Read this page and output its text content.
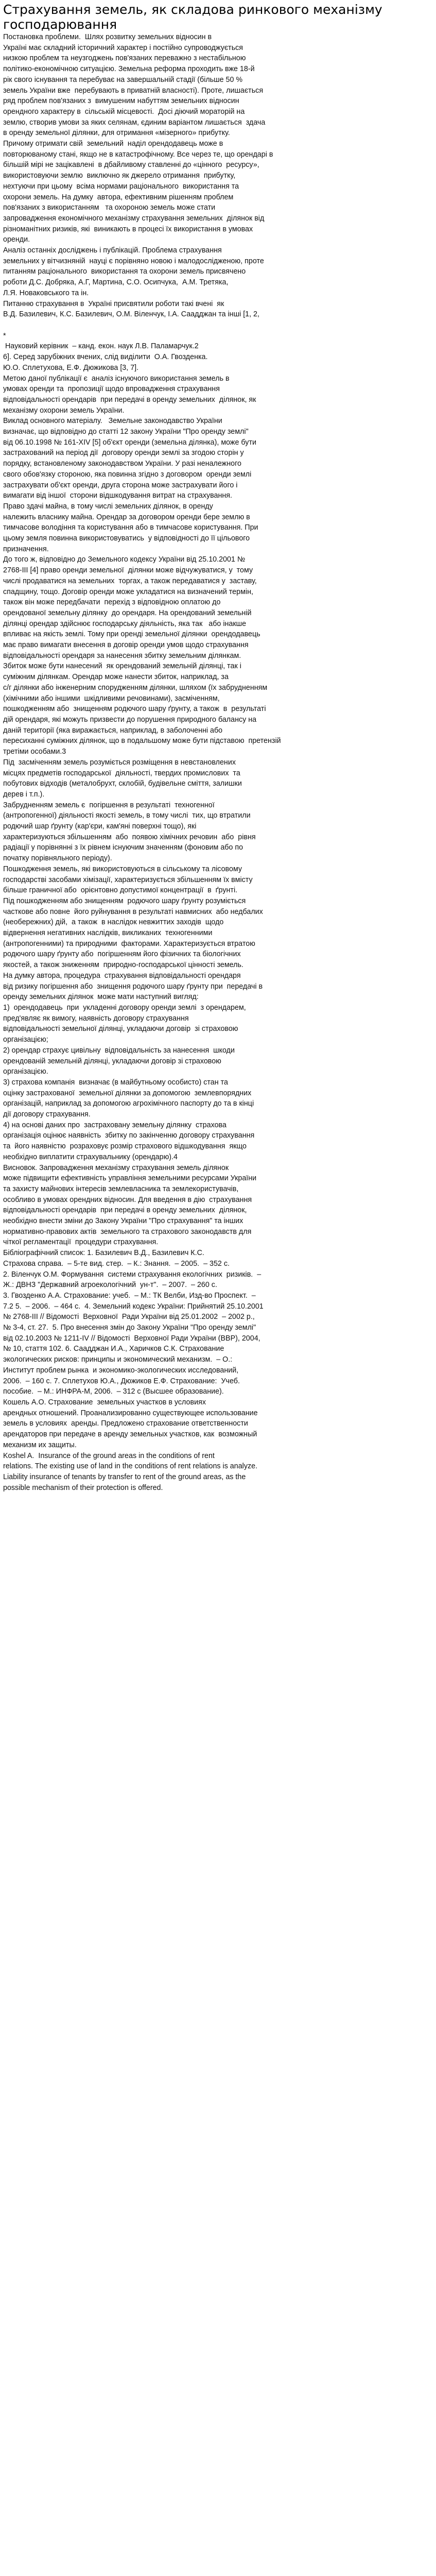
Страхування земель, як складова ринкового механізму господарювання

Постановка проблеми.  Шлях розвитку земельних відносин в

Україні має складний історичний характер і постійно супроводжується

низкою проблем та неузгоджень пов'язаних переважно з нестабільною

політико-економічною ситуацією. Земельна реформа проходить вже 18-й

рік свого існування та перебуває на завершальній стадії (більше 50 %

земель України вже  перебувають в приватній власності). Проте, лишається

ряд проблем пов'язаних з  вимушеним набуттям земельних відносин

орендного характеру в  сільській місцевості.  Досі діючий мораторій на

землю, створив умови за яких селянам, єдиним варіантом лишається  здача

в оренду земельної ділянки, для отримання «мізерного» прибутку.

Причому отримати свій  земельний  наділ орендодавець може в

повторюваному стані, якщо не в катастрофічному. Все через те, що орендарі в

більшій мірі не зацікавлені  в дбайливому ставленні до «цінного  ресурсу»,

використовуючи землю  виключно як джерело отримання  прибутку,

нехтуючи при цьому  всіма нормами раціонального  використання та

охорони земель. На думку  автора, ефективним рішенням проблем

пов'язаних з використанням   та охороною земель може стати

запровадження економічного механізму страхування земельних  ділянок від

різноманітних ризиків, які  виникають в процесі їх використання в умовах

оренди.

Аналіз останніх досліджень і публікацій. Проблема страхування

земельних у вітчизняній  науці є порівняно новою і малодослідженою, проте

питанням раціонального  використання та охорони земель присвячено

роботи Д.С. Добряка, А.Г, Мартина, С.О. Осипчука,  А.М. Третяка,

Л.Я. Новаковського та ін.

Питанню страхування в  Україні присвятили роботи такі вчені  як

В.Д. Базилевич, К.С. Базилевич, О.М. Віленчук, І.А. Саaдджан та інші [1, 2,

*

Науковий керівник  – канд. екон. наук Л.В. Паламарчук.2

6]. Серед зарубіжних вчених, слід виділити  О.А. Гвозденка.

Ю.О. Сплетухова, Е.Ф. Дюжикова [3, 7].

Метою даної публікації є  аналіз існуючого використання земель в

умовах оренди та  пропозиції щодо впровадження страхування

відповідальності орендарів  при передачі в оренду земельних  ділянок, як

механізму охорони земель України.

Виклад основного матеріалу.   Земельне законодавство України

визначає, що відповідно до статті 12 закону України "Про оренду землі"

від 06.10.1998 № 161-XIV [5] об'єкт оренди (земельна ділянка), може бути

застрахований на період дії  договору оренди землі за згодою сторін у

порядку, встановленому законодавством України. У разі неналежного

свого обов'язку стороною, яка повинна згідно з договором  оренди землі

застрахувати об'єкт оренди, друга сторона може застрахувати його і

вимагати від іншої  сторони відшкодування витрат на страхування.

Право здачі майна, в тому числі земельних ділянок, в оренду

належить власнику майна. Орендар за договором оренди бере землю в

тимчасове володіння та користування або в тимчасове користування. При

цьому земля повинна використовуватись  у відповідності до її цільового

призначення.

До того ж, відповідно до Земельного кодексу України від 25.10.2001 №

2768-ІІІ [4] право оренди земельної  ділянки може відчужуватися, у  тому

числі продаватися на земельних  торгах, а також передаватися у  заставу,

спадщину, тощо. Договір оренди може укладатися на визначений термін,

також він може передбачати  перехід з відповідною оплатою до

орендованої земельну ділянку  до орендаря. На орендований земельній

ділянці орендар здійснює господарську діяльність, яка так   або інакше

впливає на якість землі. Тому при оренді земельної ділянки  орендодавець

має право вимагати внесення в договір оренди умов щодо страхування

відповідальності орендаря за нанесення збитку земельним ділянкам.

Збиток може бути нанесений  як орендований земельній ділянці, так і

суміжним ділянкам. Орендар може нанести збиток, наприклад, за

с/г ділянки або інженерним спорудженням ділянки, шляхом (їх забрудненням

(хімічними або іншими  шкідливими речовинами), засміченням,

пошкодженням або  знищенням родючого шару ґрунту, а також  в  результаті

дій орендаря, які можуть призвести до порушення природного балансу на

даній території (яка виражається, наприклад, в заболоченні або

пересиханні суміжних ділянок, що в подальшому може бути підставою  претензій

третіми особами.3

Під  засміченням земель розуміється розміщення в невстановлених

місцях предметів господарської  діяльності, твердих промислових  та

побутових відходів (металобрухт, склобій, будівельне сміття, залишки

дерев і т.п.).

Забрудненням земель є  погіршення в результаті  техногенної

(антропогенної) діяльності якості земель, в тому числі  тих, що втратили

родючий шар ґрунту (кар'єри, кам'яні поверхні тощо), які

характеризуються збільшенням  або  появою хімічних речовин  або  рівня

радіації у порівнянні з їх рівнем існуючим значенням (фоновим або по

початку порівняльного періоду).

Пошкодження земель, які використовуються в сільському та лісовому

господарстві засобами хімізації, характеризується збільшенням їх вмісту

більше граничної або  орієнтовно допустимої концентрації  в  ґрунті.

Під пошкодженням або знищенням  родючого шару ґрунту розуміється

часткове або повне  його руйнування в результаті навмисних  або недбалих

(необережних) дій,  а також  в наслідок невжиттих заходів  щодо

відвернення негативних наслідків, викликаних  техногенними

(антропогенними) та природними  факторами. Характеризується втратою

родючого шару ґрунту або  погіршенням його фізичних та біологічних

якостей, а також зниженням  природно-господарської цінності земель.

На думку автора, процедура  страхування відповідальності орендаря

від ризику погіршення або  знищення родючого шару ґрунту при  передачі в

оренду земельних ділянок  може мати наступний вигляд:

1)  орендодавець  при  укладенні договору оренди землі  з орендарем,

пред'являє як вимогу, наявність договору страхування

відповідальності земельної ділянці, укладаючи договір  зі страховою

організацією;

2) орендар страхує цивільну  відповідальність за нанесення  шкоди

орендованій земельній ділянці, укладаючи договір зі страховою

організацією.

3) страхова компанія  визначає (в майбутньому особисто) стан та

оцінку застрахованої  земельної ділянки за допомогою  землевпорядних

організацій, наприклад за допомогою агрохімічного паспорту до та в кінці

дії договору страхування.

4) на основі даних про  застраховану земельну ділянку  страхова

організація оцінює наявність  збитку по закінченню договору страхування

та  його наявністю  розраховує розмір страхового відшкодування  якщо

необхідно виплатити страхувальнику (орендарю).4

Висновок. Запровадження механізму страхування земель ділянок

може підвищити ефективність управління земельними ресурсами України

та захисту майнових інтересів землевласника та землекористувачів,

особливо в умовах орендних відносин. Для введення в дію  страхування

відповідальності орендарів  при передачі в оренду земельних  ділянок,

необхідно внести зміни до Закону України "Про страхування" та інших

нормативно-правових актів  земельного та страхового законодавств для

чіткої регламентації  процедури страхування.

Бібліографічний список: 1. Базилевич В.Д., Базилевич К.С.

Страхова справа.  – 5-те вид. стер.  – К.: Знання.  – 2005.  – 352 с.

2. Віленчук О.М. Формування  системи страхування екологічних  ризиків.  –

Ж.: ДВНЗ "Державний агроекологічний  ун-т".  – 2007.  – 260 с.

3. Гвозденко А.А. Страхование: учеб.  – М.: ТК Велби, Изд-во Проспект.  –

7.2 5.  – 2006.  – 464 с.  4. Земельний кодекс України: Прийнятий 25.10.2001

№ 2768-ІІІ // Відомості  Верховної  Ради України від 25.01.2002  – 2002 р.,

№ 3-4, ст. 27.  5. Про внесення змін до Закону України "Про оренду землі"

від 02.10.2003 № 1211-IV // Відомості  Верховної Ради України (ВВР), 2004,

№ 10, стаття 102. 6. Саадджан И.А., Харичков С.К. Страхование

экологических рисков: принципы и экономический механизм.  – О.:

Институт проблем рынка  и экономико-экологических исследований,

2006.  – 160 с. 7. Сплетухов Ю.А., Дюжиков Е.Ф. Страхование:  Учеб.

пособие.  – М.: ИНФРА-М, 2006.  – 312 с (Высшее образование).

Кошель А.О. Страхование  земельных участков в условиях

арендных отношений. Проанализированно существующее использование

земель в условиях  аренды. Предложено страхование ответственности

арендаторов при передаче в аренду земельных участков, как  возможный

механизм их защиты.

Koshel A.  Insurance of the ground areas in the conditions of rent

relations. The existing use of land in the conditions of rent relations is analyze.

Liability insurance of tenants by transfer to rent of the ground areas, as the

possible mechanism of their protection is offered.
